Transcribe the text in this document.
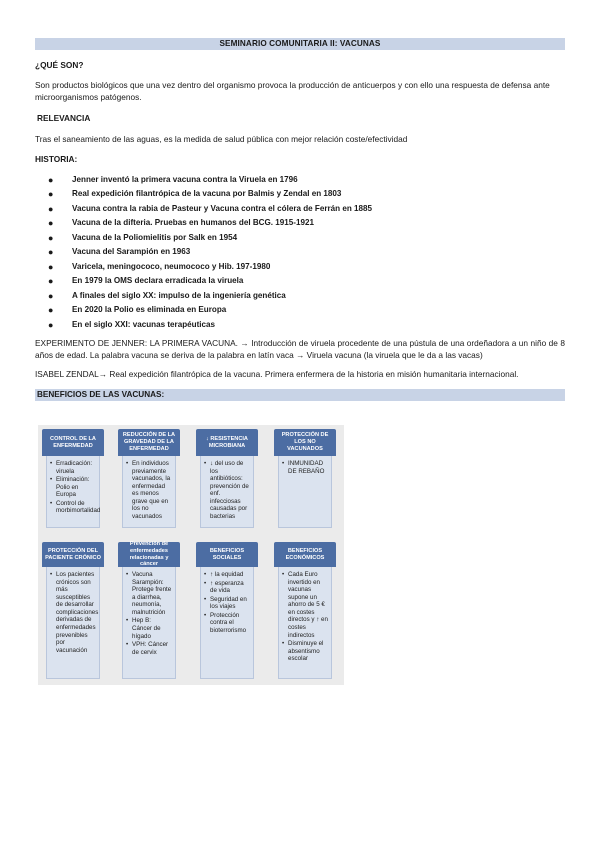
SEMINARIO COMUNITARIA II: VACUNAS

¿QUÉ SON?

Son productos biológicos que una vez dentro del organismo provoca la producción de anticuerpos y con ello una respuesta de defensa ante microorganismos patógenos.

RELEVANCIA

Tras el saneamiento de las aguas, es la medida de salud pública con mejor relación coste/efectividad

HISTORIA:

● Jenner inventó la primera vacuna contra la Viruela en 1796
● Real expedición filantrópica de la vacuna por Balmis y Zendal en 1803
● Vacuna contra la rabia de Pasteur y Vacuna contra el cólera de Ferrán en 1885
● Vacuna de la difteria. Pruebas en humanos del BCG. 1915-1921
● Vacuna de la Poliomielitis por Salk en 1954
● Vacuna del Sarampión en 1963
● Varicela, meningococo, neumococo y Hib. 197-1980
● En 1979 la OMS declara erradicada la viruela
● A finales del siglo XX: impulso de la ingeniería genética
● En 2020 la Polio es eliminada en Europa
● En el siglo XXI: vacunas terapéuticas

EXPERIMENTO DE JENNER: LA PRIMERA VACUNA. → Introducción de viruela procedente de una pústula de una ordeñadora a un niño de 8 años de edad. La palabra vacuna se deriva de la palabra en latín vaca → Viruela vacuna (la viruela que le da a las vacas)

ISABEL ZENDAL→ Real expedición filantrópica de la vacuna. Primera enfermera de la historia en misión humanitaria internacional.

BENEFICIOS DE LAS VACUNAS:
CONTROL DE LA ENFERMEDAD
• Erradicación: viruela
• Eliminación: Polio en Europa
• Control de morbimortalidad
REDUCCIÓN DE LA GRAVEDAD DE LA ENFERMEDAD
• En individuos previamente vacunados, la enfermedad es menos grave que en los no vacunados
↓ RESISTENCIA MICROBIANA
• ↓ del uso de los antibióticos: prevención de enf. infecciosas causadas por bacterias
PROTECCIÓN DE LOS NO VACUNADOS
• INMUNIDAD DE REBAÑO
PROTECCIÓN DEL PACIENTE CRÓNICO
• Los pacientes crónicos son más susceptibles de desarrollar complicaciones derivadas de enfermedades prevenibles por vacunación
Prevención de enfermedades relacionadas y cáncer
• Vacuna Sarampión: Protege frente a diarrhea, neumonía, malnutrición
• Hep B: Cáncer de hígado
• VPH: Cáncer de cervix
BENEFICIOS SOCIALES
• ↑ la equidad
• ↑ esperanza de vida
• Seguridad en los viajes
• Protección contra el bioterrorismo
BENEFICIOS ECONÓMICOS
• Cada Euro invertido en vacunas supone un ahorro de 5 € en costes directos y ↑ en costes indirectos
• Disminuye el absentismo escolar
